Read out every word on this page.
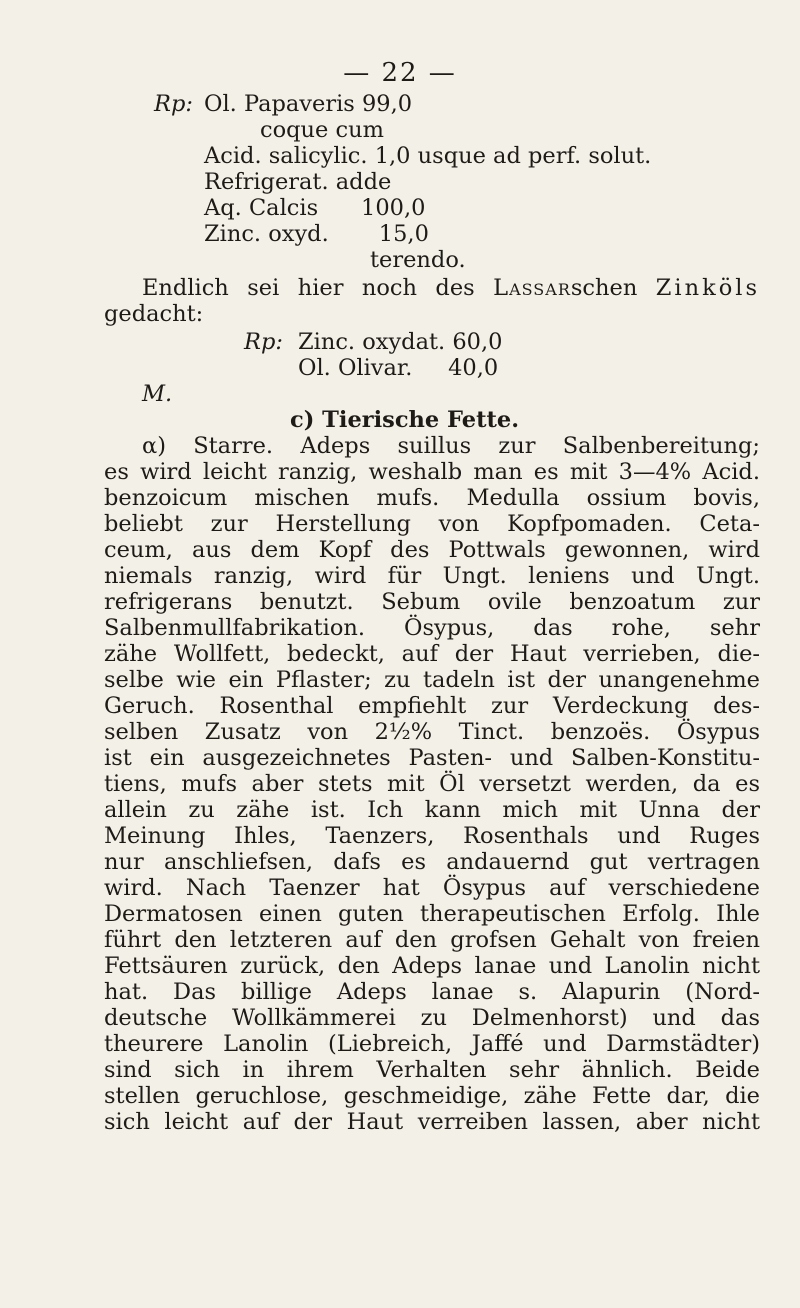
— 22 —
Rp: Ol. Papaveris 99,0
coque cum
Acid. salicylic. 1,0 usque ad perf. solut.
Refrigerat. adde
Aq. Calcis      100,0
Zinc. oxyd.       15,0
terendo.
Endlich sei hier noch des Lassarschen Zinköls
gedacht:
Rp: Zinc. oxydat. 60,0
Ol. Olivar.     40,0
M.
c) Tierische Fette.
α) Starre. Adeps suillus zur Salbenbereitung;
es wird leicht ranzig, weshalb man es mit 3—4% Acid.
benzoicum mischen mufs. Medulla ossium bovis,
beliebt zur Herstellung von Kopfpomaden. Ceta-
ceum, aus dem Kopf des Pottwals gewonnen, wird
niemals ranzig, wird für Ungt. leniens und Ungt.
refrigerans benutzt. Sebum ovile benzoatum zur
Salbenmullfabrikation. Ösypus, das rohe, sehr
zähe Wollfett, bedeckt, auf der Haut verrieben, die-
selbe wie ein Pflaster; zu tadeln ist der unangenehme
Geruch. Rosenthal empfiehlt zur Verdeckung des-
selben Zusatz von 2½% Tinct. benzoës. Ösypus
ist ein ausgezeichnetes Pasten- und Salben-Konstitu-
tiens, mufs aber stets mit Öl versetzt werden, da es
allein zu zähe ist. Ich kann mich mit Unna der
Meinung Ihles, Taenzers, Rosenthals und Ruges
nur anschliefsen, dafs es andauernd gut vertragen
wird. Nach Taenzer hat Ösypus auf verschiedene
Dermatosen einen guten therapeutischen Erfolg. Ihle
führt den letzteren auf den grofsen Gehalt von freien
Fettsäuren zurück, den Adeps lanae und Lanolin nicht
hat. Das billige Adeps lanae s. Alapurin (Nord-
deutsche Wollkämmerei zu Delmenhorst) und das
theurere Lanolin (Liebreich, Jaffé und Darmstädter)
sind sich in ihrem Verhalten sehr ähnlich. Beide
stellen geruchlose, geschmeidige, zähe Fette dar, die
sich leicht auf der Haut verreiben lassen, aber nicht
